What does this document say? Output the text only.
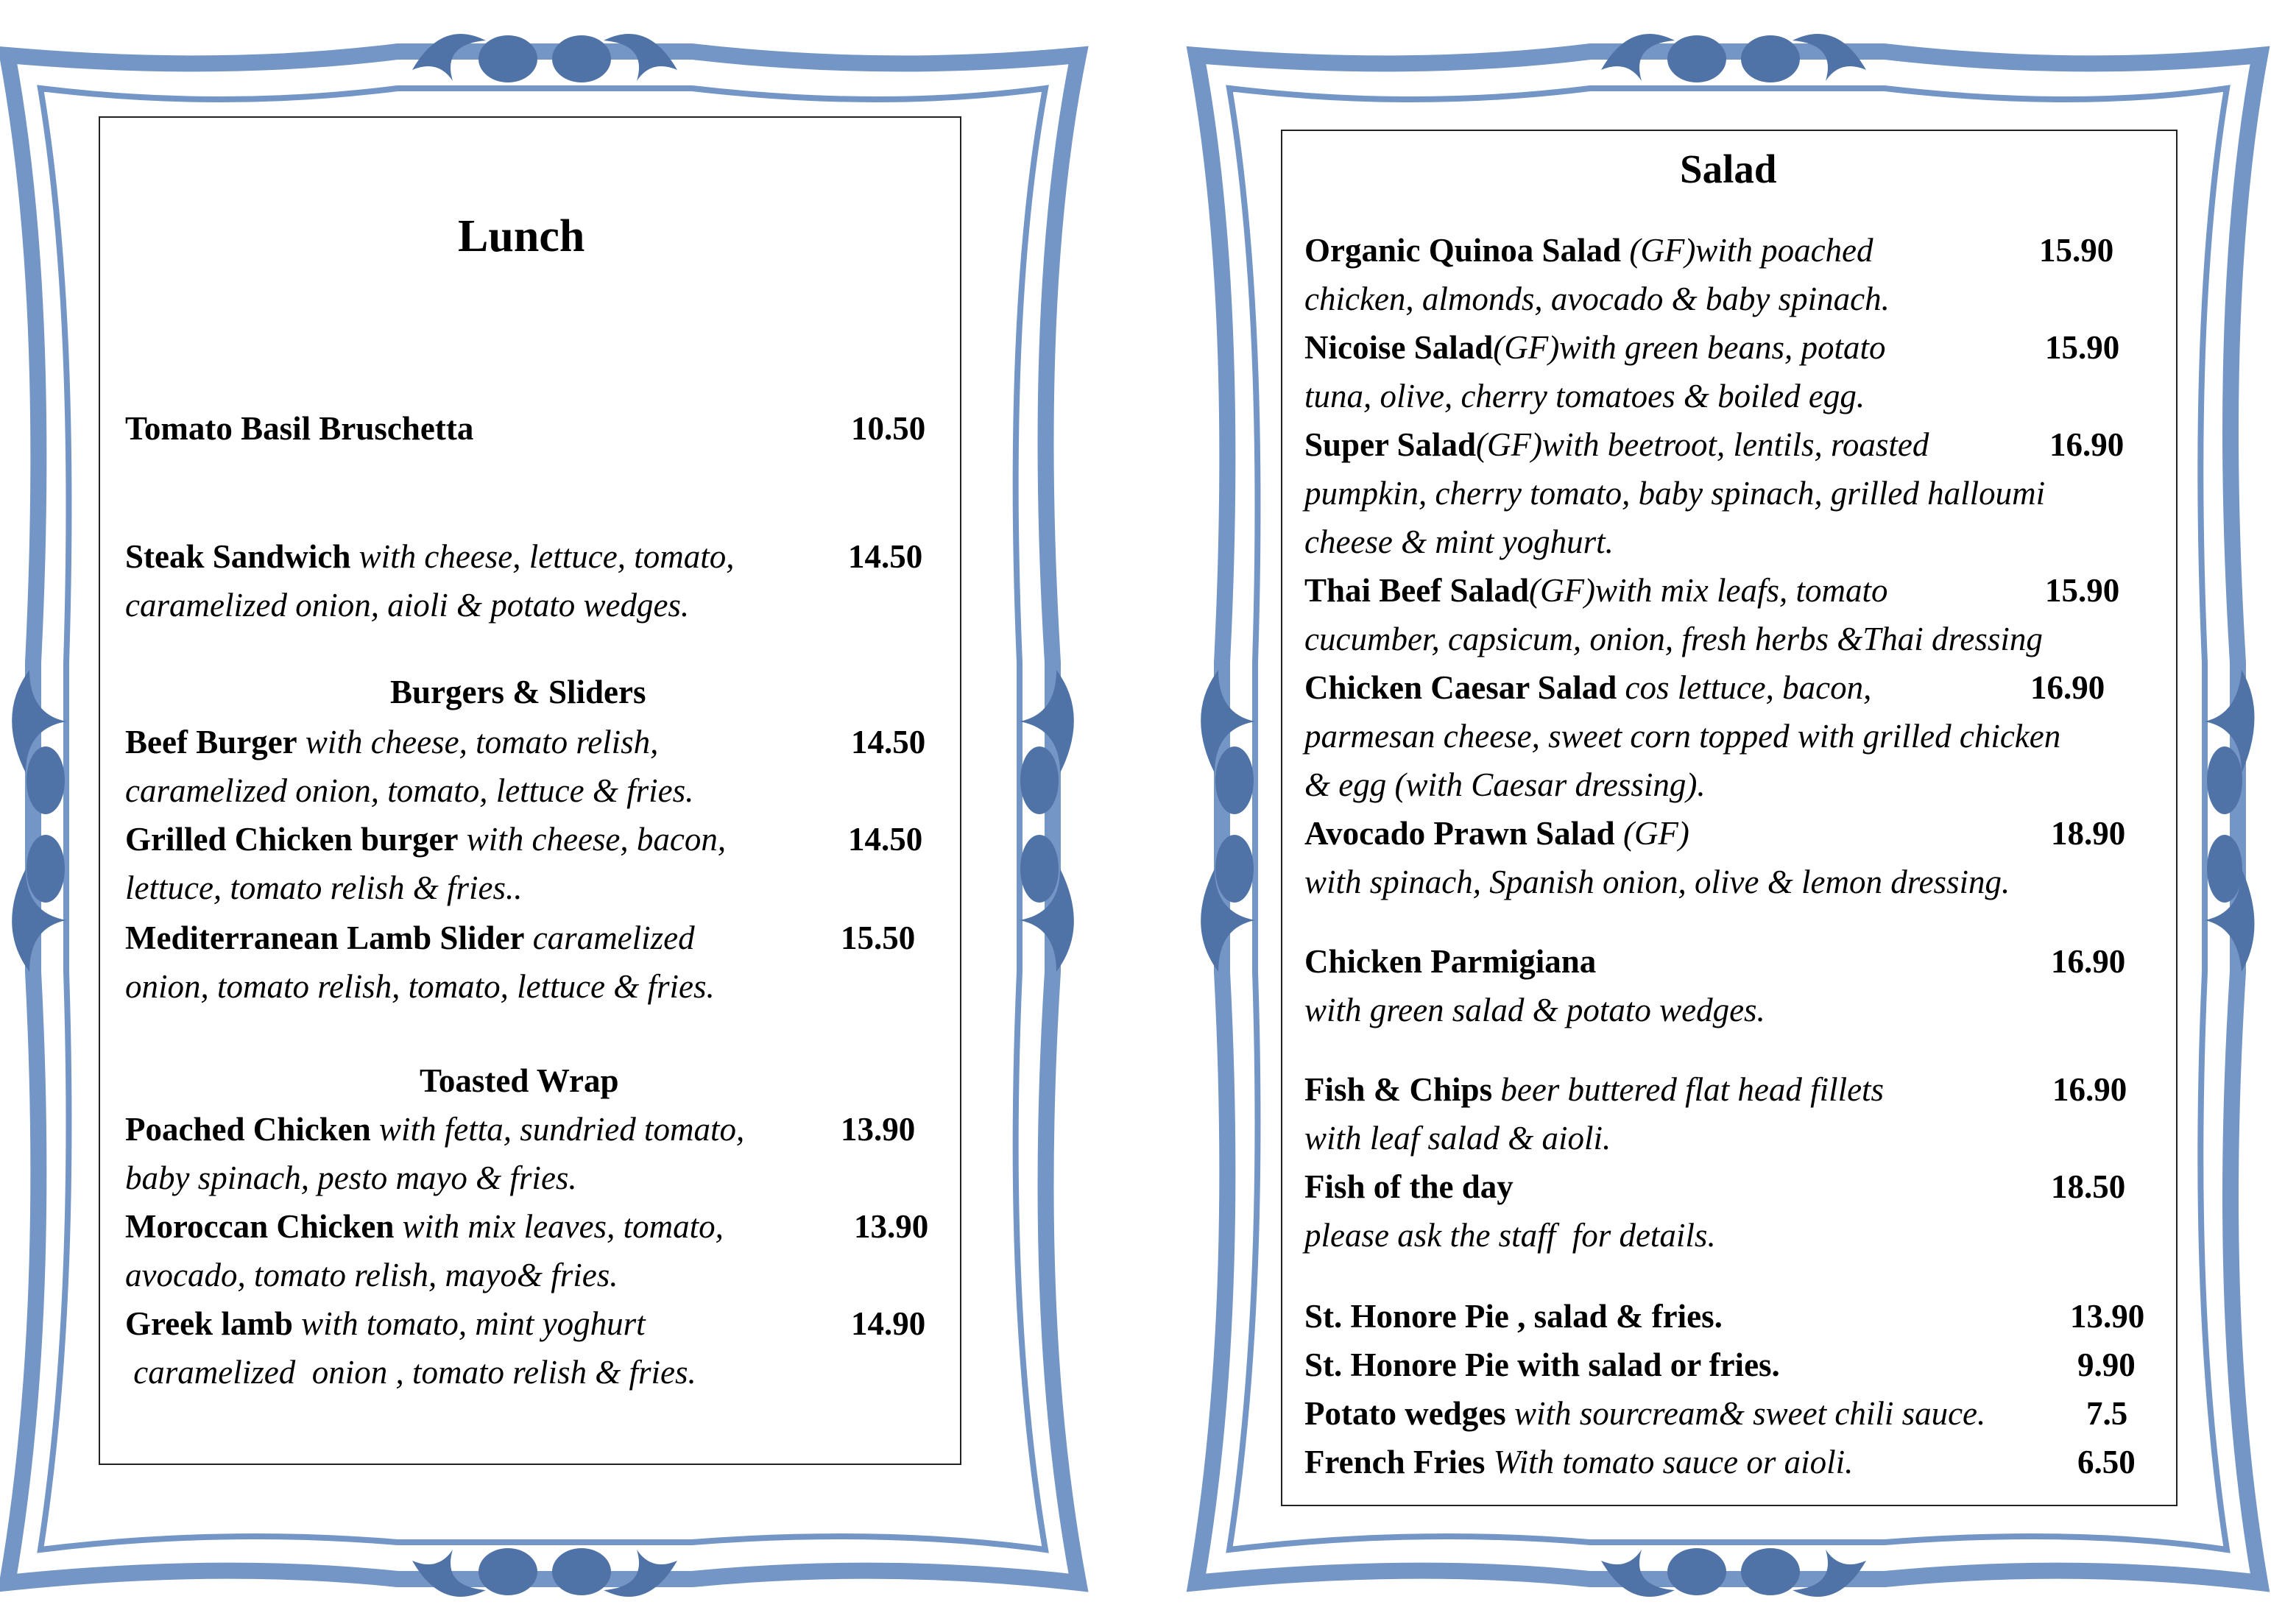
Lunch
Tomato Basil Bruschetta	10.50
Steak Sandwich with cheese, lettuce, tomato,	14.50
caramelized onion, aioli & potato wedges.
Burgers & Sliders
Beef Burger with cheese, tomato relish,	14.50
caramelized onion, tomato, lettuce & fries.
Grilled Chicken burger with cheese, bacon,	14.50
lettuce, tomato relish & fries..
Mediterranean Lamb Slider caramelized	15.50
onion, tomato relish, tomato, lettuce & fries.
Toasted Wrap
Poached Chicken with fetta, sundried tomato,	13.90
baby spinach, pesto mayo & fries.
Moroccan Chicken with mix leaves, tomato,	13.90
avocado, tomato relish, mayo& fries.
Greek lamb with tomato, mint yoghurt	14.90
caramelized  onion , tomato relish & fries.
Salad
Organic Quinoa Salad (GF)with poached	15.90
chicken, almonds, avocado & baby spinach.
Nicoise Salad(GF)with green beans, potato	15.90
tuna, olive, cherry tomatoes & boiled egg.
Super Salad(GF)with beetroot, lentils, roasted	16.90
pumpkin, cherry tomato, baby spinach, grilled halloumi
cheese & mint yoghurt.
Thai Beef Salad(GF)with mix leafs, tomato	15.90
cucumber, capsicum, onion, fresh herbs &Thai dressing
Chicken Caesar Salad cos lettuce, bacon,	16.90
parmesan cheese, sweet corn topped with grilled chicken
& egg (with Caesar dressing).
Avocado Prawn Salad (GF)	18.90
with spinach, Spanish onion, olive & lemon dressing.
Chicken Parmigiana	16.90
with green salad & potato wedges.
Fish & Chips beer buttered flat head fillets	16.90
with leaf salad & aioli.
Fish of the day	18.50
please ask the staff  for details.
St. Honore Pie , salad & fries.	13.90
St. Honore Pie with salad or fries.	9.90
Potato wedges with sourcream& sweet chili sauce.	7.5
French Fries With tomato sauce or aioli.	6.50
